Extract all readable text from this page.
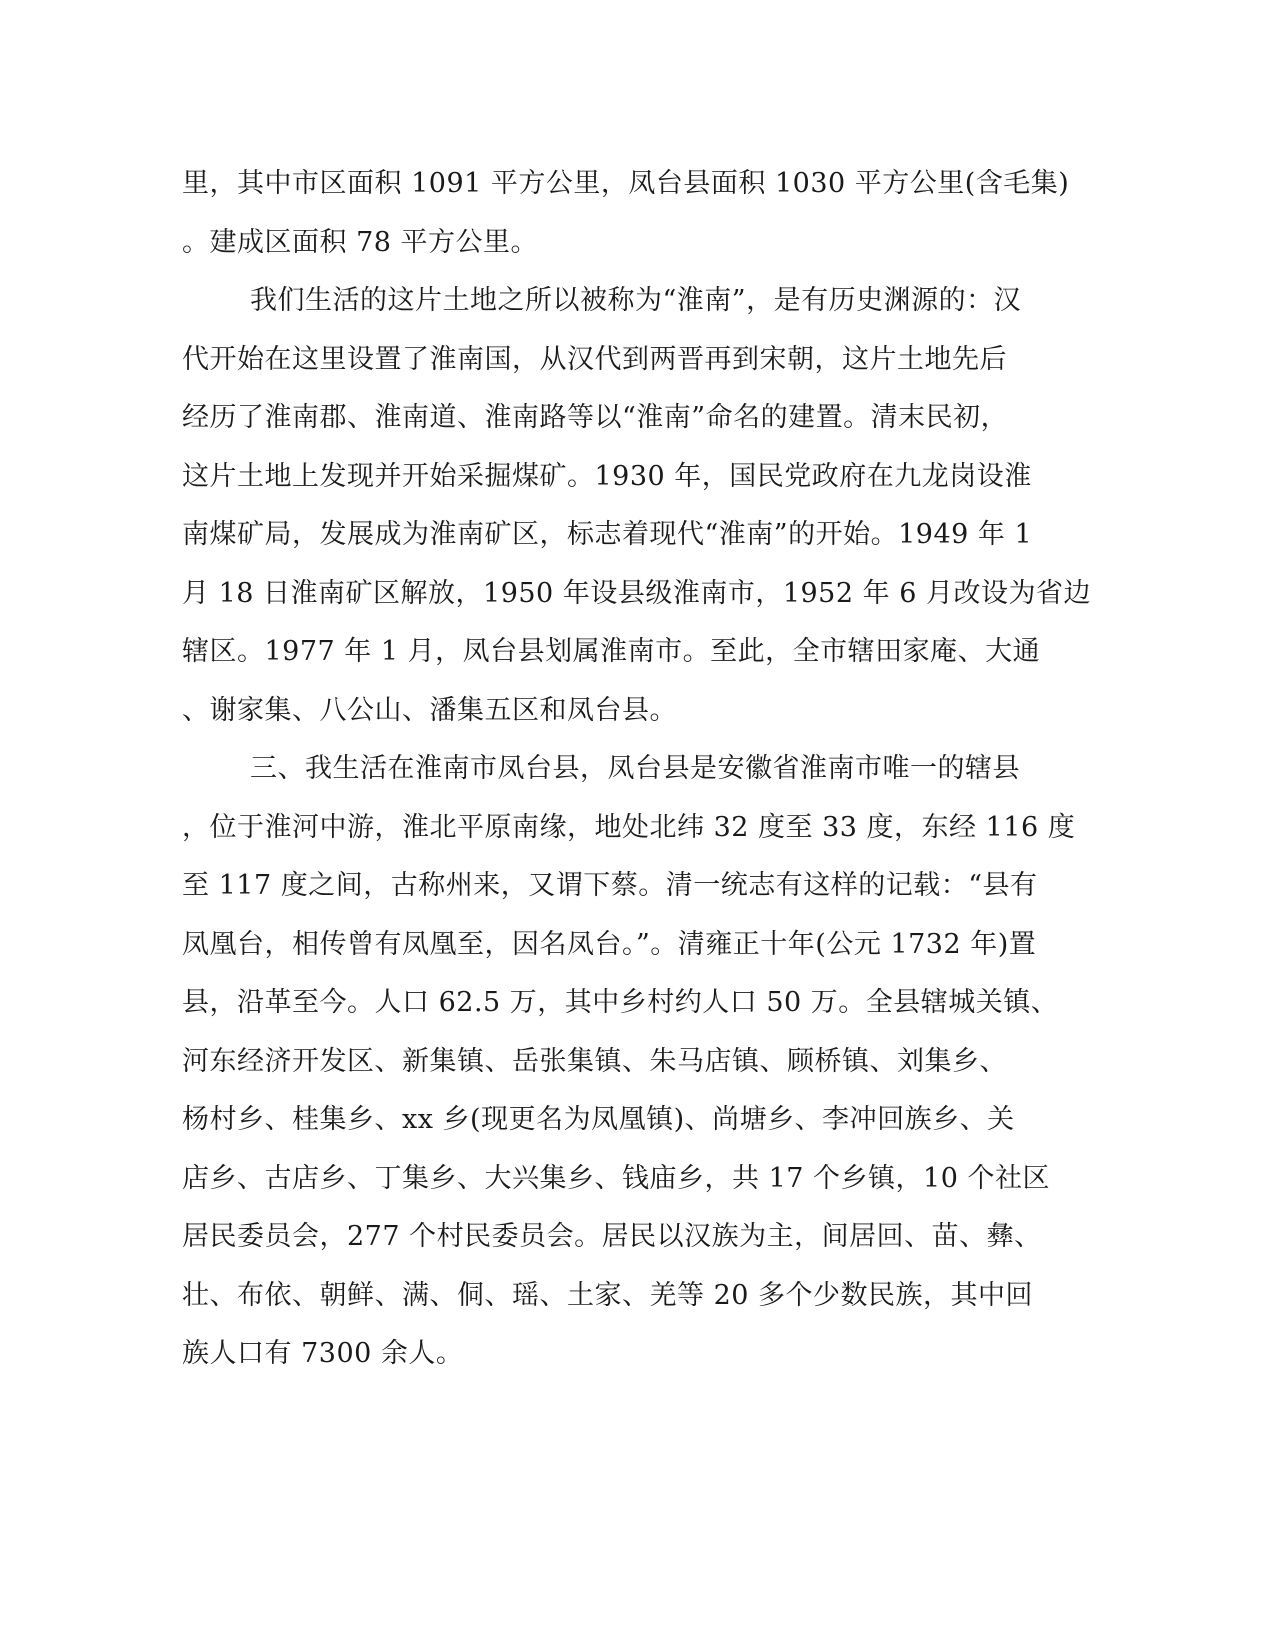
里，其中市区面积 1091 平方公里，凤台县面积 1030 平方公里(含毛集)
。建成区面积 78 平方公里。
我们生活的这片土地之所以被称为“淮南”，是有历史渊源的：汉
代开始在这里设置了淮南国，从汉代到两晋再到宋朝，这片土地先后
经历了淮南郡、淮南道、淮南路等以“淮南”命名的建置。清末民初，
这片土地上发现并开始采掘煤矿。1930 年，国民党政府在九龙岗设淮
南煤矿局，发展成为淮南矿区，标志着现代“淮南”的开始。1949 年 1
月 18 日淮南矿区解放，1950 年设县级淮南市，1952 年 6 月改设为省边
辖区。1977 年 1 月，凤台县划属淮南市。至此，全市辖田家庵、大通
、谢家集、八公山、潘集五区和凤台县。
三、我生活在淮南市凤台县，凤台县是安徽省淮南市唯一的辖县
，位于淮河中游，淮北平原南缘，地处北纬 32 度至 33 度，东经 116 度
至 117 度之间，古称州来，又谓下蔡。清一统志有这样的记载：“县有
凤凰台，相传曾有凤凰至，因名凤台。”。清雍正十年(公元 1732 年)置
县，沿革至今。人口 62.5 万，其中乡村约人口 50 万。全县辖城关镇、
河东经济开发区、新集镇、岳张集镇、朱马店镇、顾桥镇、刘集乡、
杨村乡、桂集乡、xx 乡(现更名为凤凰镇)、尚塘乡、李冲回族乡、关
店乡、古店乡、丁集乡、大兴集乡、钱庙乡，共 17 个乡镇，10 个社区
居民委员会，277 个村民委员会。居民以汉族为主，间居回、苗、彝、
壮、布依、朝鲜、满、侗、瑶、土家、羌等 20 多个少数民族，其中回
族人口有 7300 余人。
